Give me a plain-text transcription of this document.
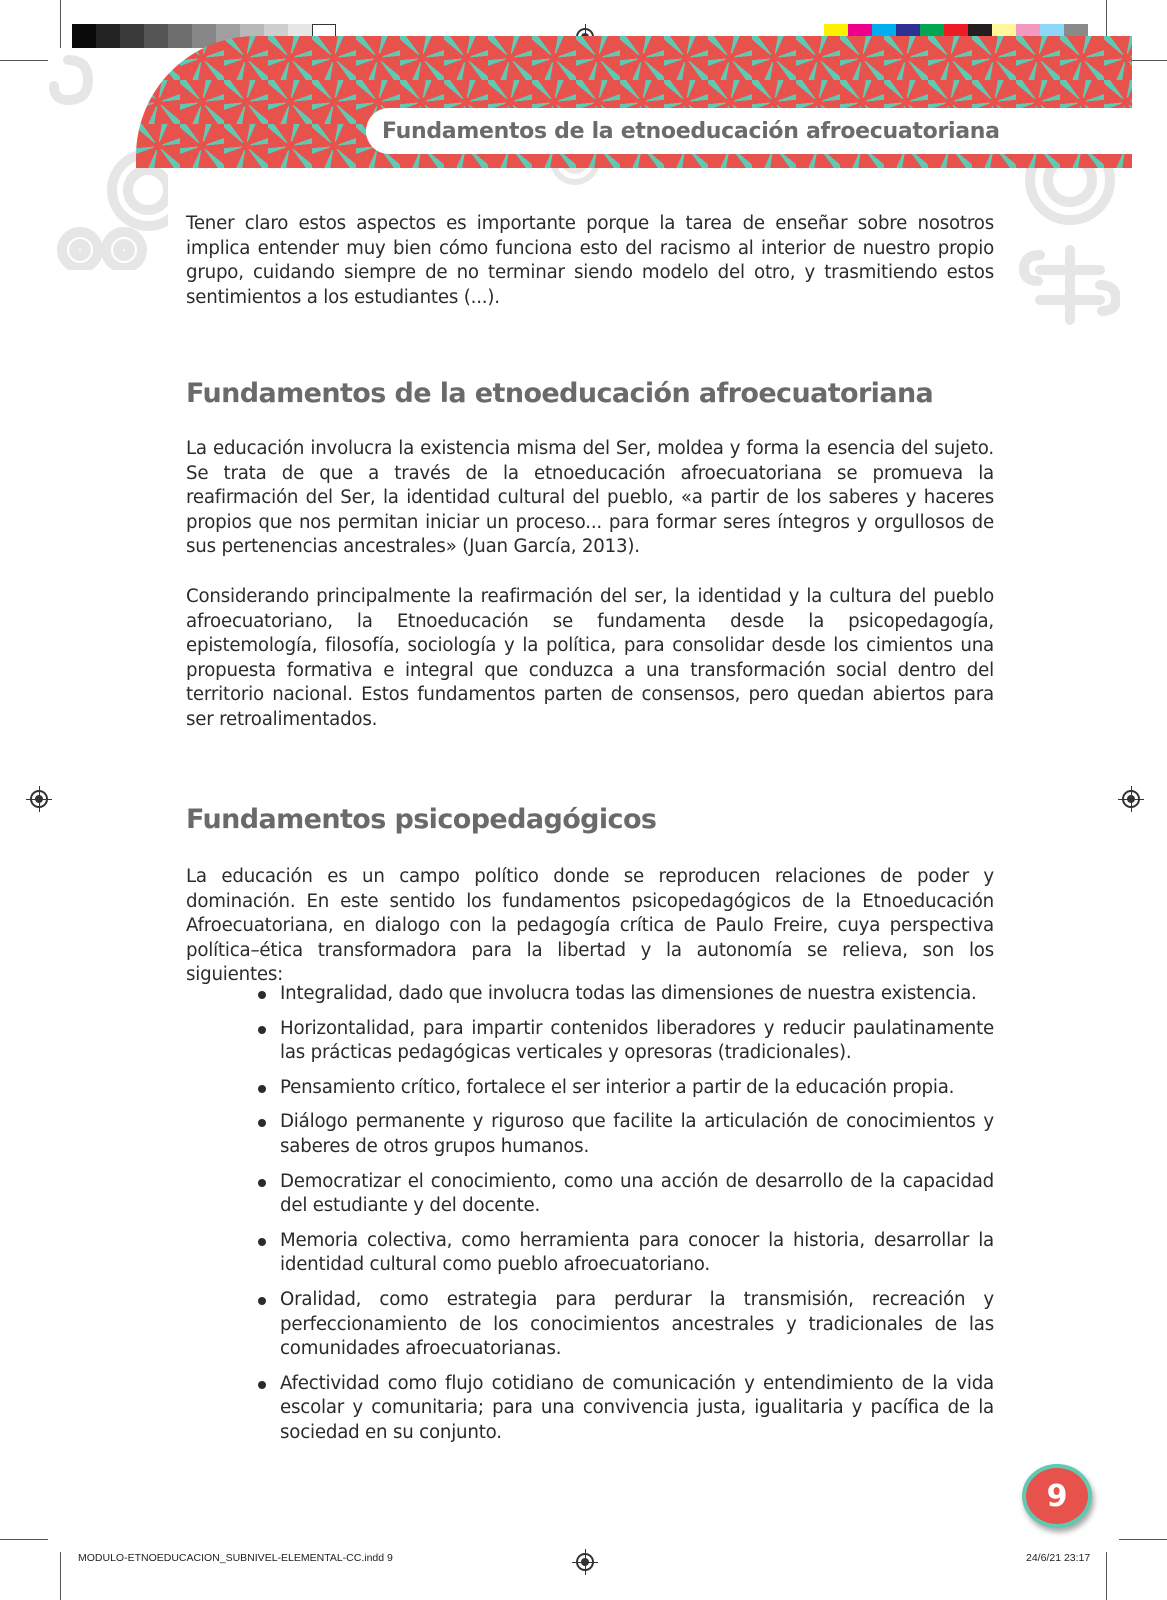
Fundamentos de la etnoeducación afroecuatoriana

Tener claro estos aspectos es importante porque la tarea de enseñar sobre nosotros implica entender muy bien cómo funciona esto del racismo al interior de nuestro propio grupo, cuidando siempre de no terminar siendo modelo del otro, y trasmitiendo estos sentimientos a los estudiantes (...).

Fundamentos de la etnoeducación afroecuatoriana

La educación involucra la existencia misma del Ser, moldea y forma la esencia del sujeto. Se trata de que a través de la etnoeducación afroecuatoriana se promueva la reafirmación del Ser, la identidad cultural del pueblo, «a partir de los saberes y haceres propios que nos permitan iniciar un proceso... para formar seres íntegros y orgullosos de sus pertenencias ancestrales» (Juan García, 2013).

Considerando principalmente la reafirmación del ser, la identidad y la cultura del pueblo afroecuatoriano, la Etnoeducación se fundamenta desde la psicopedagogía, epistemología, filosofía, sociología y la política, para consolidar desde los cimientos una propuesta formativa e integral que conduzca a una transformación social dentro del territorio nacional. Estos fundamentos parten de consensos, pero quedan abiertos para ser retroalimentados.

Fundamentos psicopedagógicos

La educación es un campo político donde se reproducen relaciones de poder y dominación. En este sentido los fundamentos psicopedagógicos de la Etnoeducación Afroecuatoriana, en dialogo con la pedagogía crítica de Paulo Freire, cuya perspectiva política–ética transformadora para la libertad y la autonomía se relieva, son los siguientes:

Integralidad, dado que involucra todas las dimensiones de nuestra existencia.
Horizontalidad, para impartir contenidos liberadores y reducir paulatinamente las prácticas pedagógicas verticales y opresoras (tradicionales).
Pensamiento crítico, fortalece el ser interior a partir de la educación propia.
Diálogo permanente y riguroso que facilite la articulación de conocimientos y saberes de otros grupos humanos.
Democratizar el conocimiento, como una acción de desarrollo de la capacidad del estudiante y del docente.
Memoria colectiva, como herramienta para conocer la historia, desarrollar la identidad cultural como pueblo afroecuatoriano.
Oralidad, como estrategia para perdurar la transmisión, recreación y perfeccionamiento de los conocimientos ancestrales y tradicionales de las comunidades afroecuatorianas.
Afectividad como flujo cotidiano de comunicación y entendimiento de la vida escolar y comunitaria; para una convivencia justa, igualitaria y pacífica de la sociedad en su conjunto.
9
MODULO-ETNOEDUCACION_SUBNIVEL-ELEMENTAL-CC.indd 9	24/6/21 23:17
